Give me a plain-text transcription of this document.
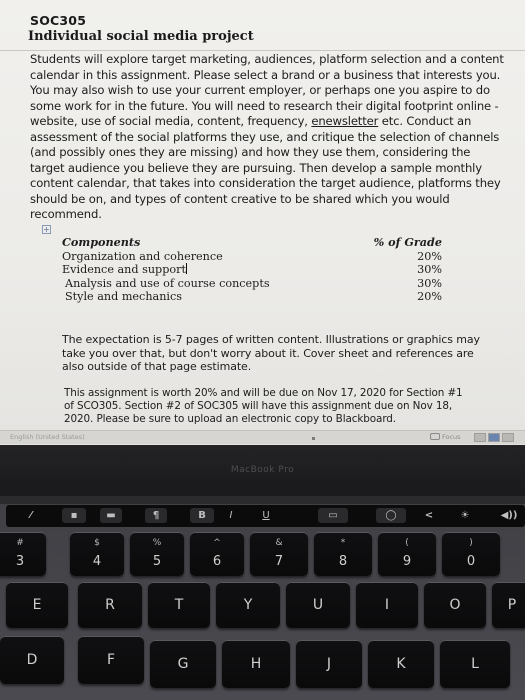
SOC305
Individual social media project

Students will explore target marketing, audiences, platform selection and a content calendar in this assignment. Please select a brand or a business that interests you. You may also wish to use your current employer, or perhaps one you aspire to do some work for in the future. You will need to research their digital footprint online - website, use of social media, content, frequency, enewsletter etc. Conduct an assessment of the social platforms they use, and critique the selection of channels (and possibly ones they are missing) and how they use them, considering the target audience you believe they are pursuing. Then develop a sample monthly content calendar, that takes into consideration the target audience, platforms they should be on, and types of content creative to be shared which you would recommend.

+
Components	% of Grade
Organization and coherence	20%
Evidence and support	30%
Analysis and use of course concepts	30%
Style and mechanics	20%

The expectation is 5-7 pages of written content. Illustrations or graphics may take you over that, but don't worry about it. Cover sheet and references are also outside of that page estimate.

This assignment is worth 20% and will be due on Nov 17, 2020 for Section #1 of SCO305. Section #2 of SOC305 will have this assignment due on Nov 18, 2020. Please be sure to upload an electronic copy to Blackboard.

English (United States)	Focus
MacBook Pro
⁄	▪	▬	¶	B	I	U	▭	◯	<	☀	◀))
#
3
$
4
%
5
^
6
&
7
*
8
(
9
)
0
E	R	T	Y	U	I	O	P
D	F	G	H	J	K	L
